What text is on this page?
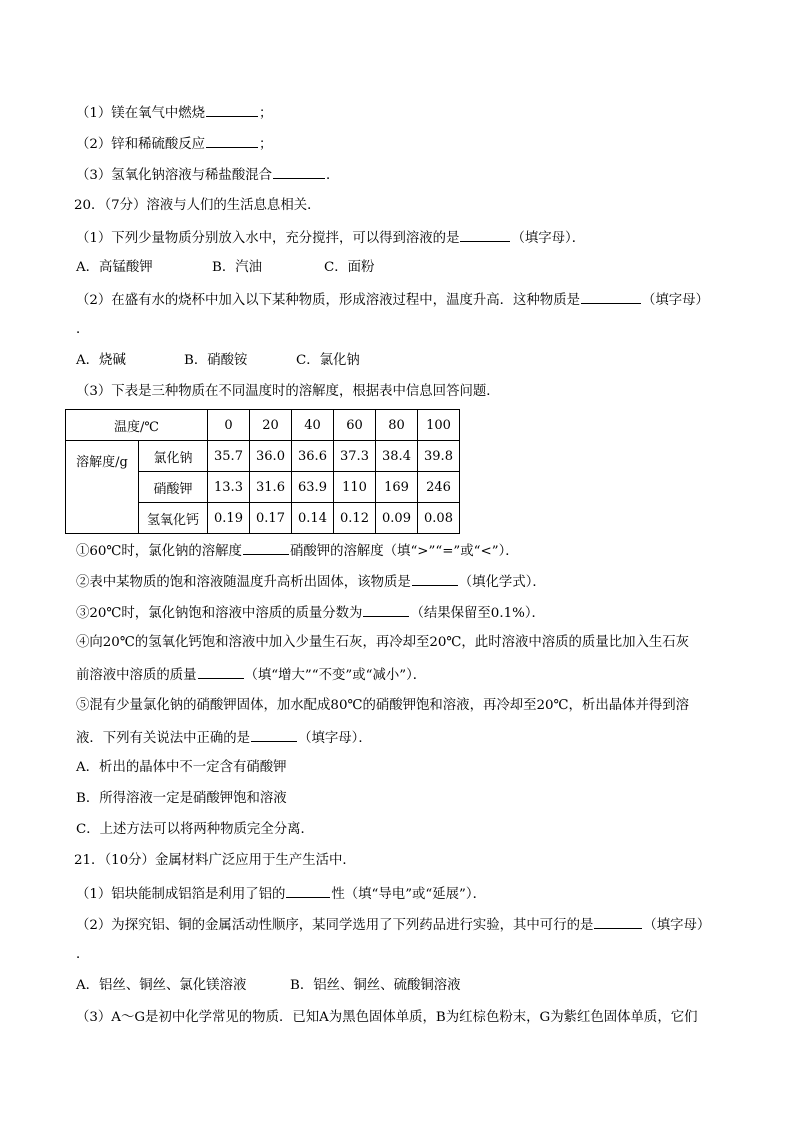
（1）镁在氧气中燃烧	；
（2）锌和稀硫酸反应	；
（3）氢氧化钠溶液与稀盐酸混合	．
20．（7分）溶液与人们的生活息息相关．
（1）下列少量物质分别放入水中，充分搅拌，可以得到溶液的是	（填字母）．
A．高锰酸钾	B．汽油	C．面粉
（2）在盛有水的烧杯中加入以下某种物质，形成溶液过程中，温度升高．这种物质是	（填字母）
．
A．烧碱	B．硝酸铵	C．氯化钠
（3）下表是三种物质在不同温度时的溶解度，根据表中信息回答问题．
温度/℃		0	20	40	60	80	100
溶解度/g	氯化钠	35.7	36.0	36.6	37.3	38.4	39.8
	硝酸钾	13.3	31.6	63.9	110	169	246
	氢氧化钙	0.19	0.17	0.14	0.12	0.09	0.08
①60℃时，氯化钠的溶解度	硝酸钾的溶解度（填“>”“=”或“<”）．
②表中某物质的饱和溶液随温度升高析出固体，该物质是	（填化学式）．
③20℃时，氯化钠饱和溶液中溶质的质量分数为	（结果保留至0.1%）．
④向20℃的氢氧化钙饱和溶液中加入少量生石灰，再冷却至20℃，此时溶液中溶质的质量比加入生石灰
前溶液中溶质的质量	（填“增大”“不变”或“减小”）．
⑤混有少量氯化钠的硝酸钾固体，加水配成80℃的硝酸钾饱和溶液，再冷却至20℃，析出晶体并得到溶
液．下列有关说法中正确的是	（填字母）．
A．析出的晶体中不一定含有硝酸钾
B．所得溶液一定是硝酸钾饱和溶液
C．上述方法可以将两种物质完全分离．
21．（10分）金属材料广泛应用于生产生活中．
（1）铝块能制成铝箔是利用了铝的	性（填“导电”或“延展”）．
（2）为探究铝、铜的金属活动性顺序，某同学选用了下列药品进行实验，其中可行的是	（填字母）
．
A．铝丝、铜丝、氯化镁溶液	B．铝丝、铜丝、硫酸铜溶液
（3）A～G是初中化学常见的物质．已知A为黑色固体单质，B为红棕色粉末，G为紫红色固体单质，它们
